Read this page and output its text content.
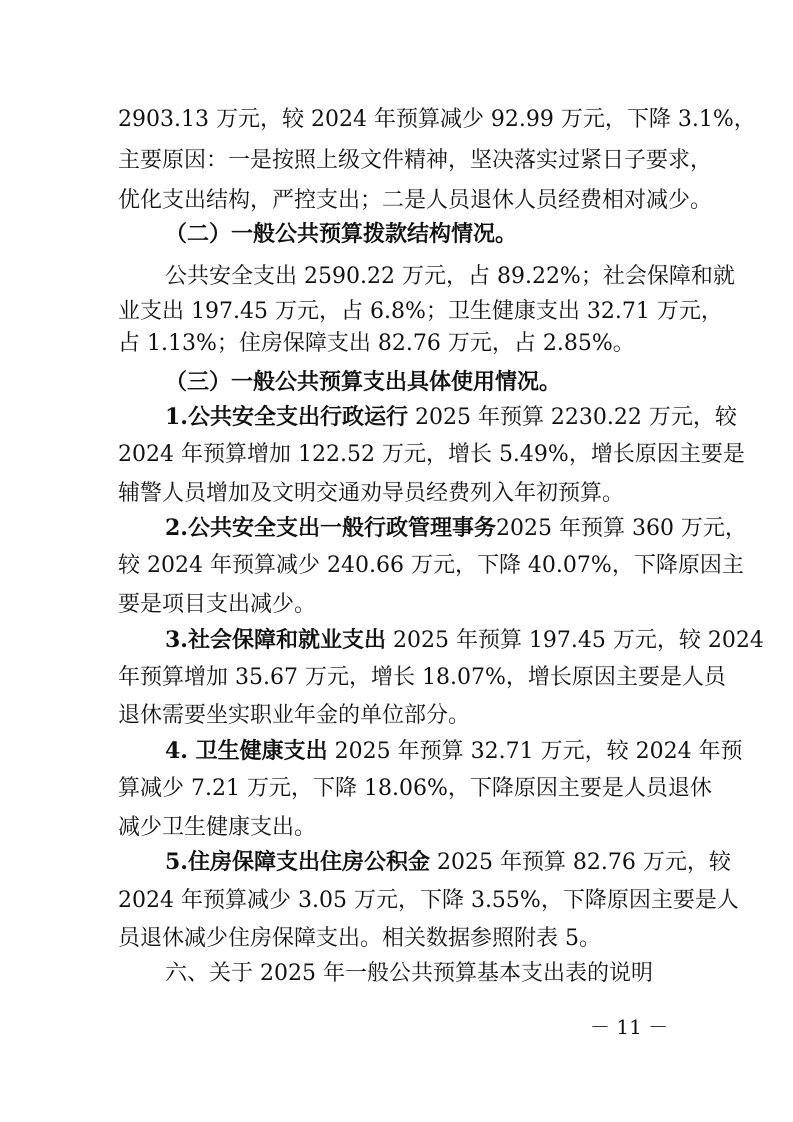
2903.13 万元，较 2024 年预算减少 92.99 万元，下降 3.1%，
主要原因：一是按照上级文件精神，坚决落实过紧日子要求，
优化支出结构，严控支出；二是人员退休人员经费相对减少。
（二）一般公共预算拨款结构情况。
公共安全支出 2590.22 万元，占 89.22%；社会保障和就
业支出 197.45 万元，占 6.8%；卫生健康支出 32.71 万元，
占 1.13%；住房保障支出 82.76 万元，占 2.85%。
（三）一般公共预算支出具体使用情况。
1.公共安全支出行政运行 2025 年预算 2230.22 万元，较
2024 年预算增加 122.52 万元，增长 5.49%，增长原因主要是
辅警人员增加及文明交通劝导员经费列入年初预算。
2.公共安全支出一般行政管理事务2025 年预算 360 万元，
较 2024 年预算减少 240.66 万元，下降 40.07%，下降原因主
要是项目支出减少。
3.社会保障和就业支出 2025 年预算 197.45 万元，较 2024
年预算增加 35.67 万元，增长 18.07%，增长原因主要是人员
退休需要坐实职业年金的单位部分。
4. 卫生健康支出 2025 年预算 32.71 万元，较 2024 年预
算减少 7.21 万元，下降 18.06%，下降原因主要是人员退休
减少卫生健康支出。
5.住房保障支出住房公积金 2025 年预算 82.76 万元，较
2024 年预算减少 3.05 万元，下降 3.55%，下降原因主要是人
员退休减少住房保障支出。相关数据参照附表 5。
六、关于 2025 年一般公共预算基本支出表的说明
－ 11 －
